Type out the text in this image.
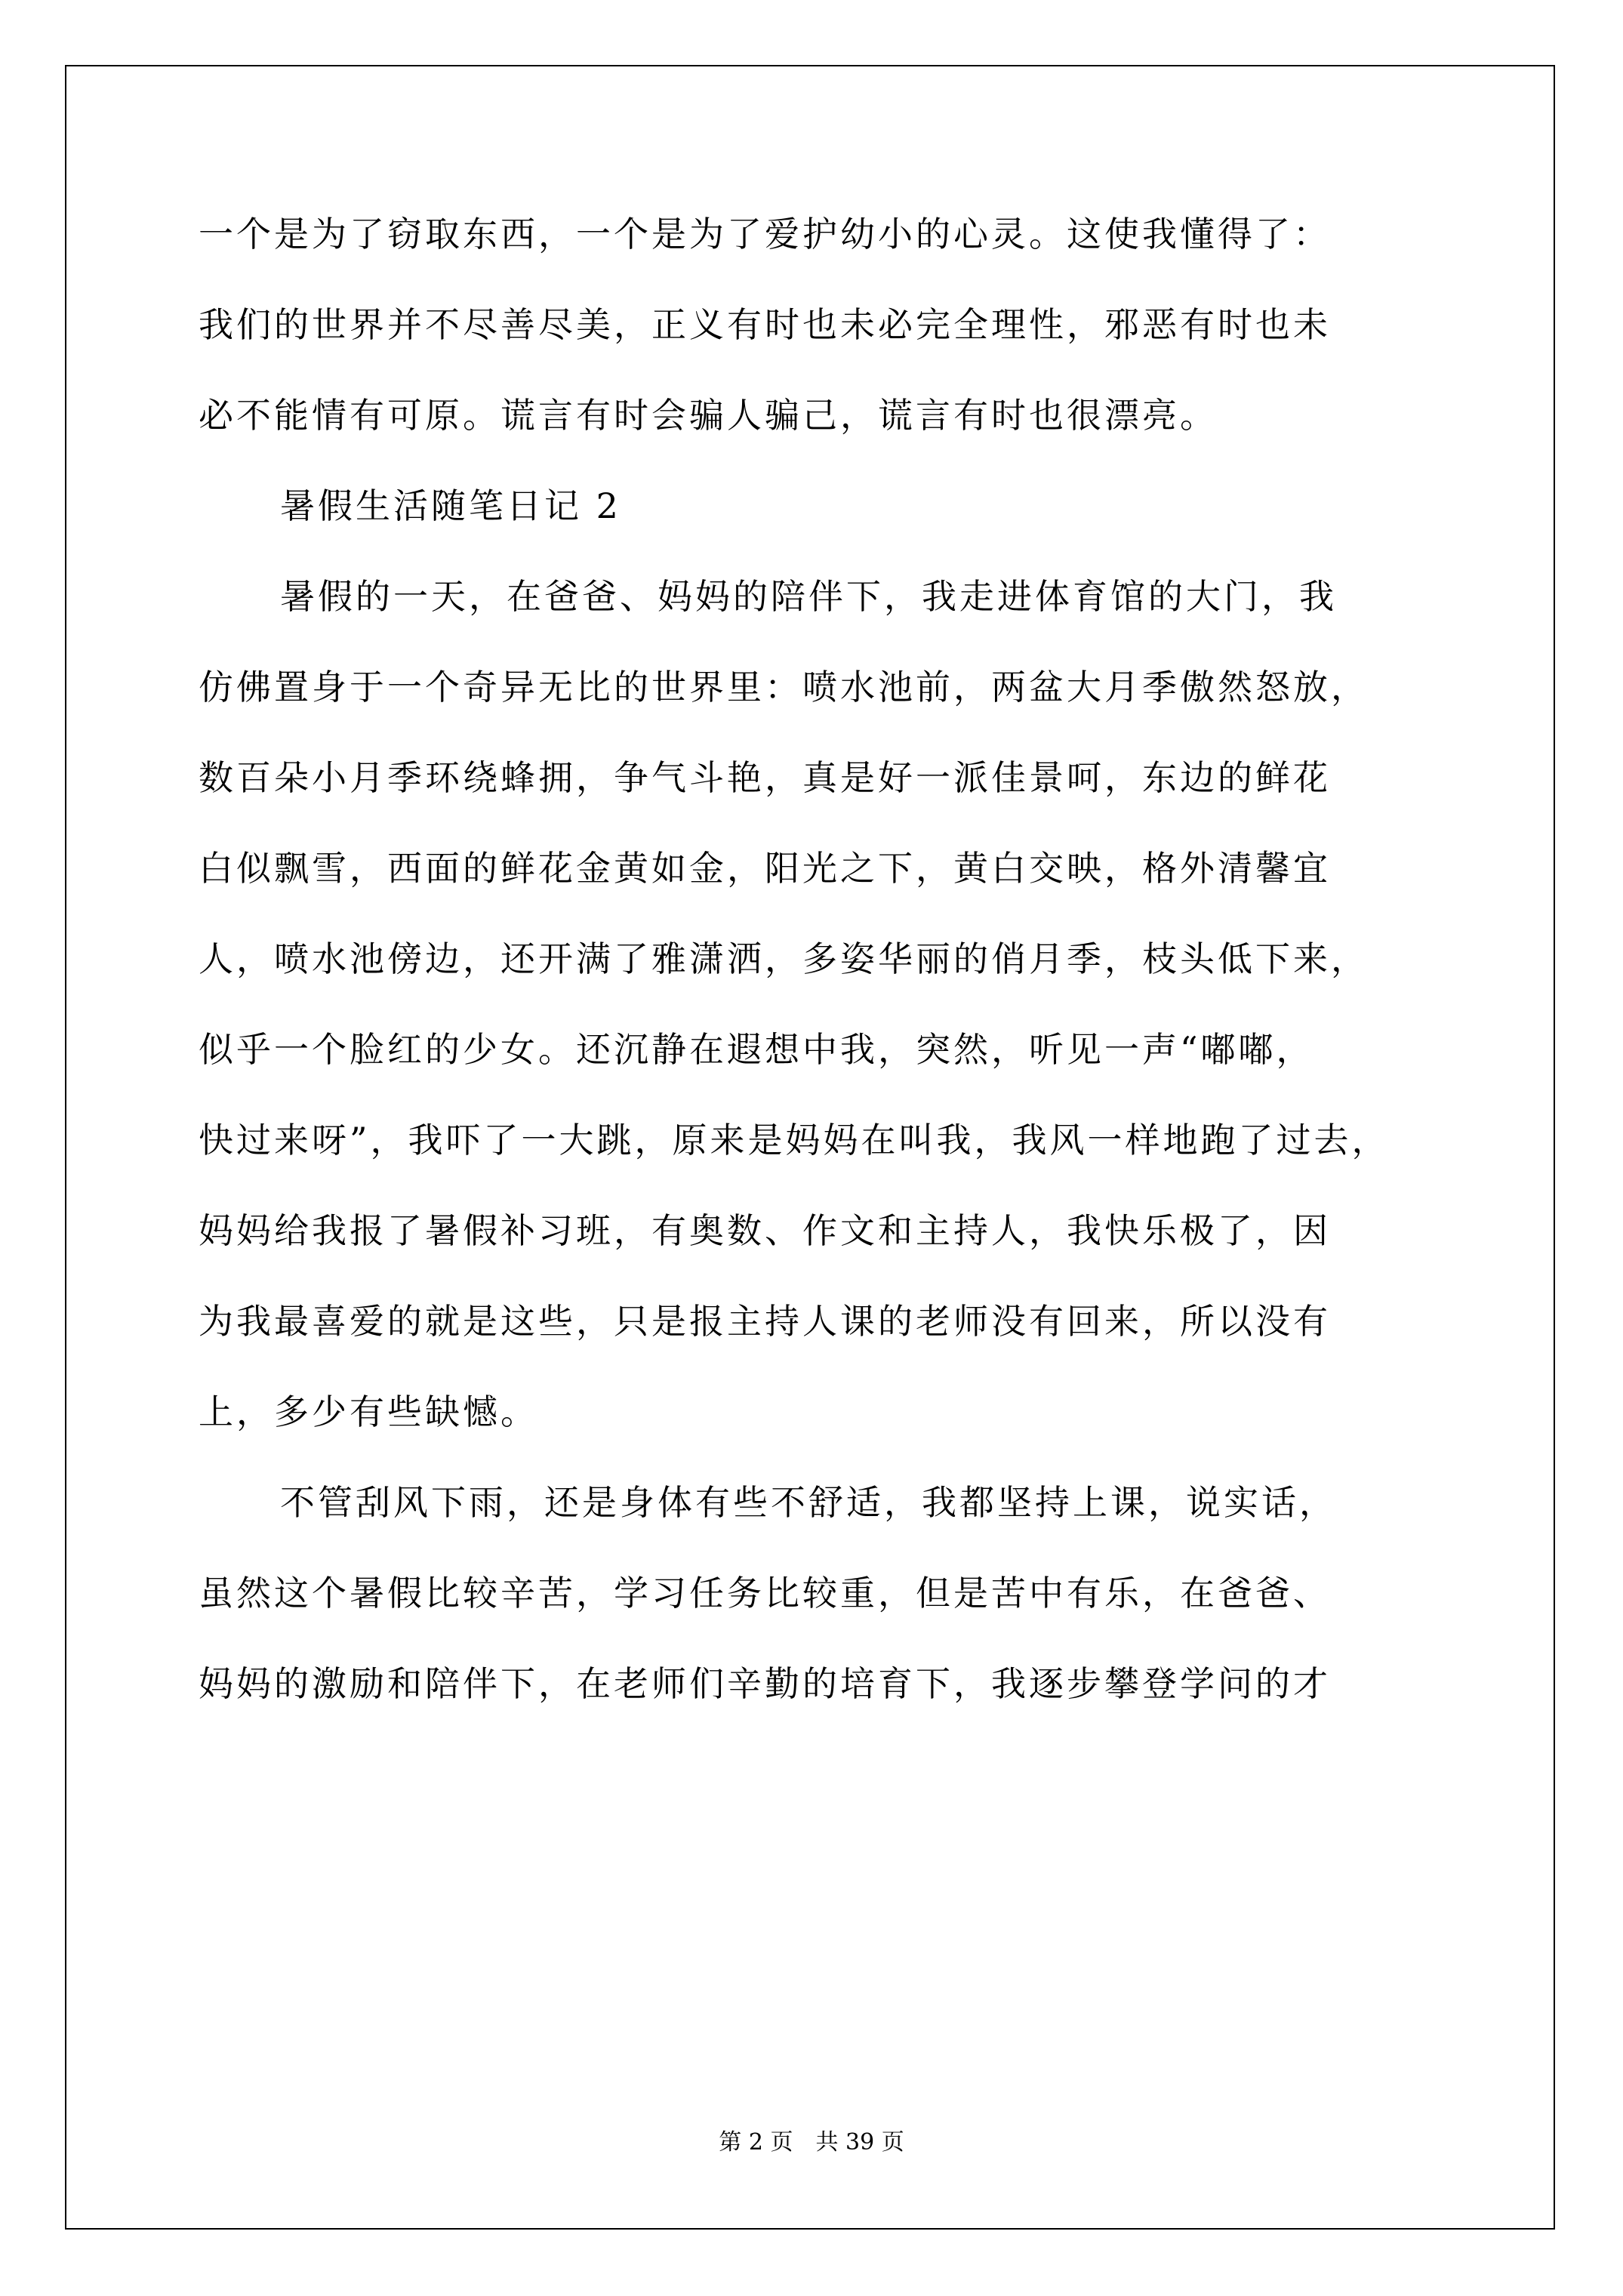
一个是为了窃取东西，一个是为了爱护幼小的心灵。这使我懂得了：
我们的世界并不尽善尽美，正义有时也未必完全理性，邪恶有时也未
必不能情有可原。谎言有时会骗人骗己，谎言有时也很漂亮。
暑假生活随笔日记 2
暑假的一天，在爸爸、妈妈的陪伴下，我走进体育馆的大门，我
仿佛置身于一个奇异无比的世界里：喷水池前，两盆大月季傲然怒放，
数百朵小月季环绕蜂拥，争气斗艳，真是好一派佳景呵，东边的鲜花
白似飘雪，西面的鲜花金黄如金，阳光之下，黄白交映，格外清馨宜
人，喷水池傍边，还开满了雅潇洒，多姿华丽的俏月季，枝头低下来，
似乎一个脸红的少女。还沉静在遐想中我，突然，听见一声“嘟嘟，
快过来呀”，我吓了一大跳，原来是妈妈在叫我，我风一样地跑了过去，
妈妈给我报了暑假补习班，有奥数、作文和主持人，我快乐极了，因
为我最喜爱的就是这些，只是报主持人课的老师没有回来，所以没有
上，多少有些缺憾。
不管刮风下雨，还是身体有些不舒适，我都坚持上课，说实话，
虽然这个暑假比较辛苦，学习任务比较重，但是苦中有乐，在爸爸、
妈妈的激励和陪伴下，在老师们辛勤的培育下，我逐步攀登学问的才
第 2 页　共 39 页
